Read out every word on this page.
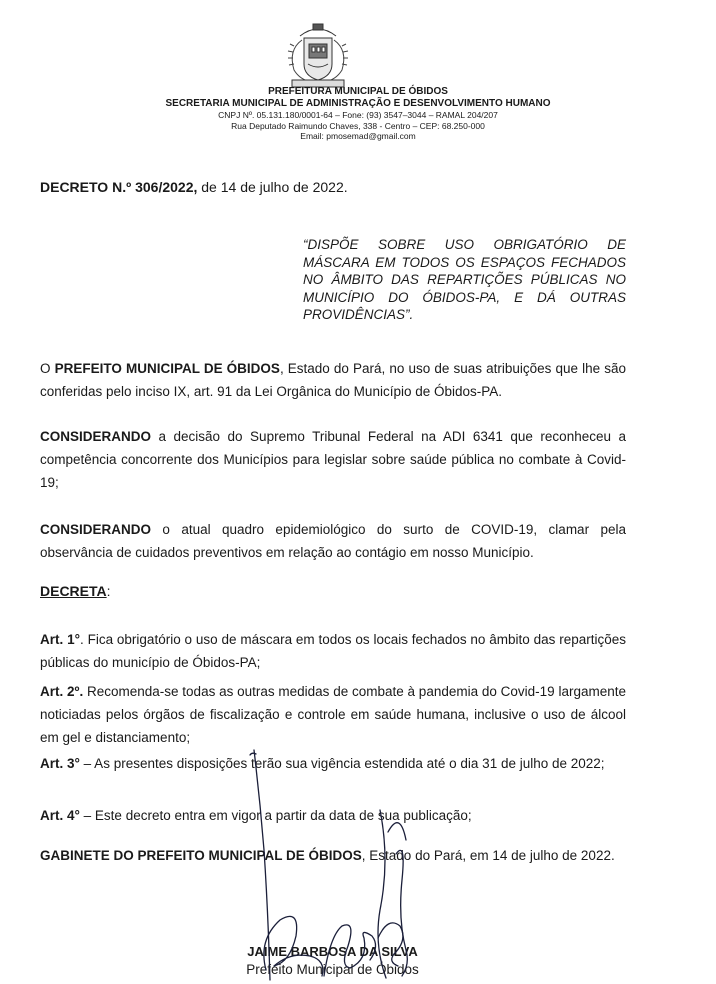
PREFEITURA MUNICIPAL DE ÓBIDOS
SECRETARIA MUNICIPAL DE ADMINISTRAÇÃO E DESENVOLVIMENTO HUMANO
CNPJ Nº. 05.131.180/0001-64 – Fone: (93) 3547–3044 – RAMAL 204/207
Rua Deputado Raimundo Chaves, 338 - Centro – CEP: 68.250-000
Email: pmosemad@gmail.com
DECRETO N.º 306/2022, de 14 de julho de 2022.
“DISPÕE SOBRE USO OBRIGATÓRIO DE MÁSCARA EM TODOS OS ESPAÇOS FECHADOS NO ÂMBITO DAS REPARTIÇÕES PÚBLICAS NO MUNICÍPIO DO ÓBIDOS-PA, E DÁ OUTRAS PROVIDÊNCIAS”.
O PREFEITO MUNICIPAL DE ÓBIDOS, Estado do Pará, no uso de suas atribuições que lhe são conferidas pelo inciso IX, art. 91 da Lei Orgânica do Município de Óbidos-PA.
CONSIDERANDO a decisão do Supremo Tribunal Federal na ADI 6341 que reconheceu a competência concorrente dos Municípios para legislar sobre saúde pública no combate à Covid-19;
CONSIDERANDO o atual quadro epidemiológico do surto de COVID-19, clamar pela observância de cuidados preventivos em relação ao contágio em nosso Município.
DECRETA:
Art. 1°. Fica obrigatório o uso de máscara em todos os locais fechados no âmbito das repartições públicas do município de Óbidos-PA;
Art. 2º. Recomenda-se todas as outras medidas de combate à pandemia do Covid-19 largamente noticiadas pelos órgãos de fiscalização e controle em saúde humana, inclusive o uso de álcool em gel e distanciamento;
Art. 3° – As presentes disposições terão sua vigência estendida até o dia 31 de julho de 2022;
Art. 4° – Este decreto entra em vigor a partir da data de sua publicação;
GABINETE DO PREFEITO MUNICIPAL DE ÓBIDOS, Estado do Pará, em 14 de julho de 2022.
JAIME BARBOSA DA SILVA
Prefeito Municipal de Óbidos
